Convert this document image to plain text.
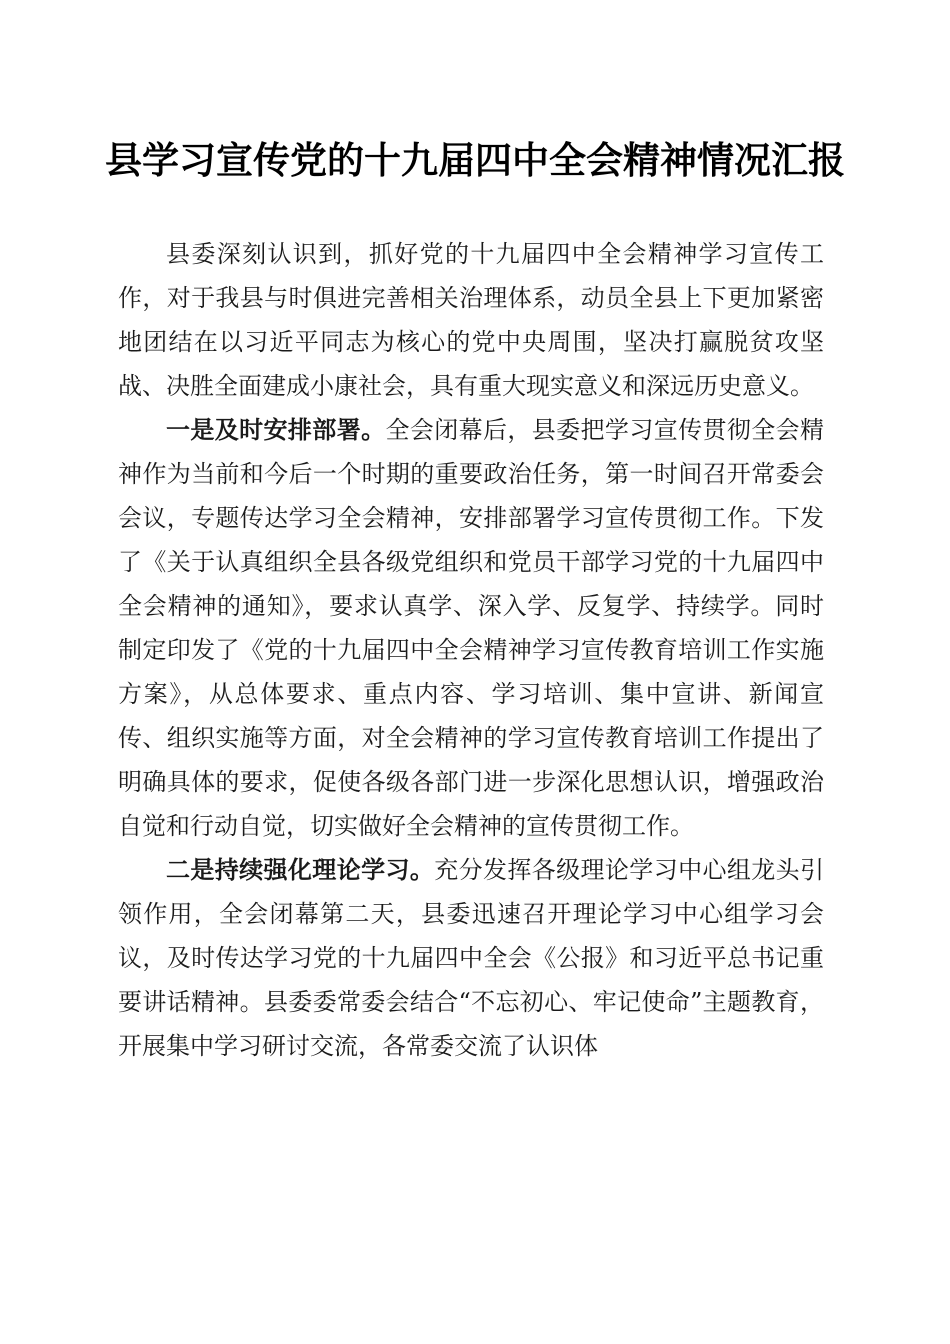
县学习宣传党的十九届四中全会精神情况汇报

县委深刻认识到，抓好党的十九届四中全会精神学习宣传工作，对于我县与时俱进完善相关治理体系，动员全县上下更加紧密地团结在以习近平同志为核心的党中央周围，坚决打赢脱贫攻坚战、决胜全面建成小康社会，具有重大现实意义和深远历史意义。

一是及时安排部署。全会闭幕后，县委把学习宣传贯彻全会精神作为当前和今后一个时期的重要政治任务，第一时间召开常委会会议，专题传达学习全会精神，安排部署学习宣传贯彻工作。下发了《关于认真组织全县各级党组织和党员干部学习党的十九届四中全会精神的通知》，要求认真学、深入学、反复学、持续学。同时制定印发了《党的十九届四中全会精神学习宣传教育培训工作实施方案》，从总体要求、重点内容、学习培训、集中宣讲、新闻宣传、组织实施等方面，对全会精神的学习宣传教育培训工作提出了明确具体的要求，促使各级各部门进一步深化思想认识，增强政治自觉和行动自觉，切实做好全会精神的宣传贯彻工作。

二是持续强化理论学习。充分发挥各级理论学习中心组龙头引领作用，全会闭幕第二天，县委迅速召开理论学习中心组学习会议，及时传达学习党的十九届四中全会《公报》和习近平总书记重要讲话精神。县委委常委会结合“不忘初心、牢记使命”主题教育，开展集中学习研讨交流，各常委交流了认识体
